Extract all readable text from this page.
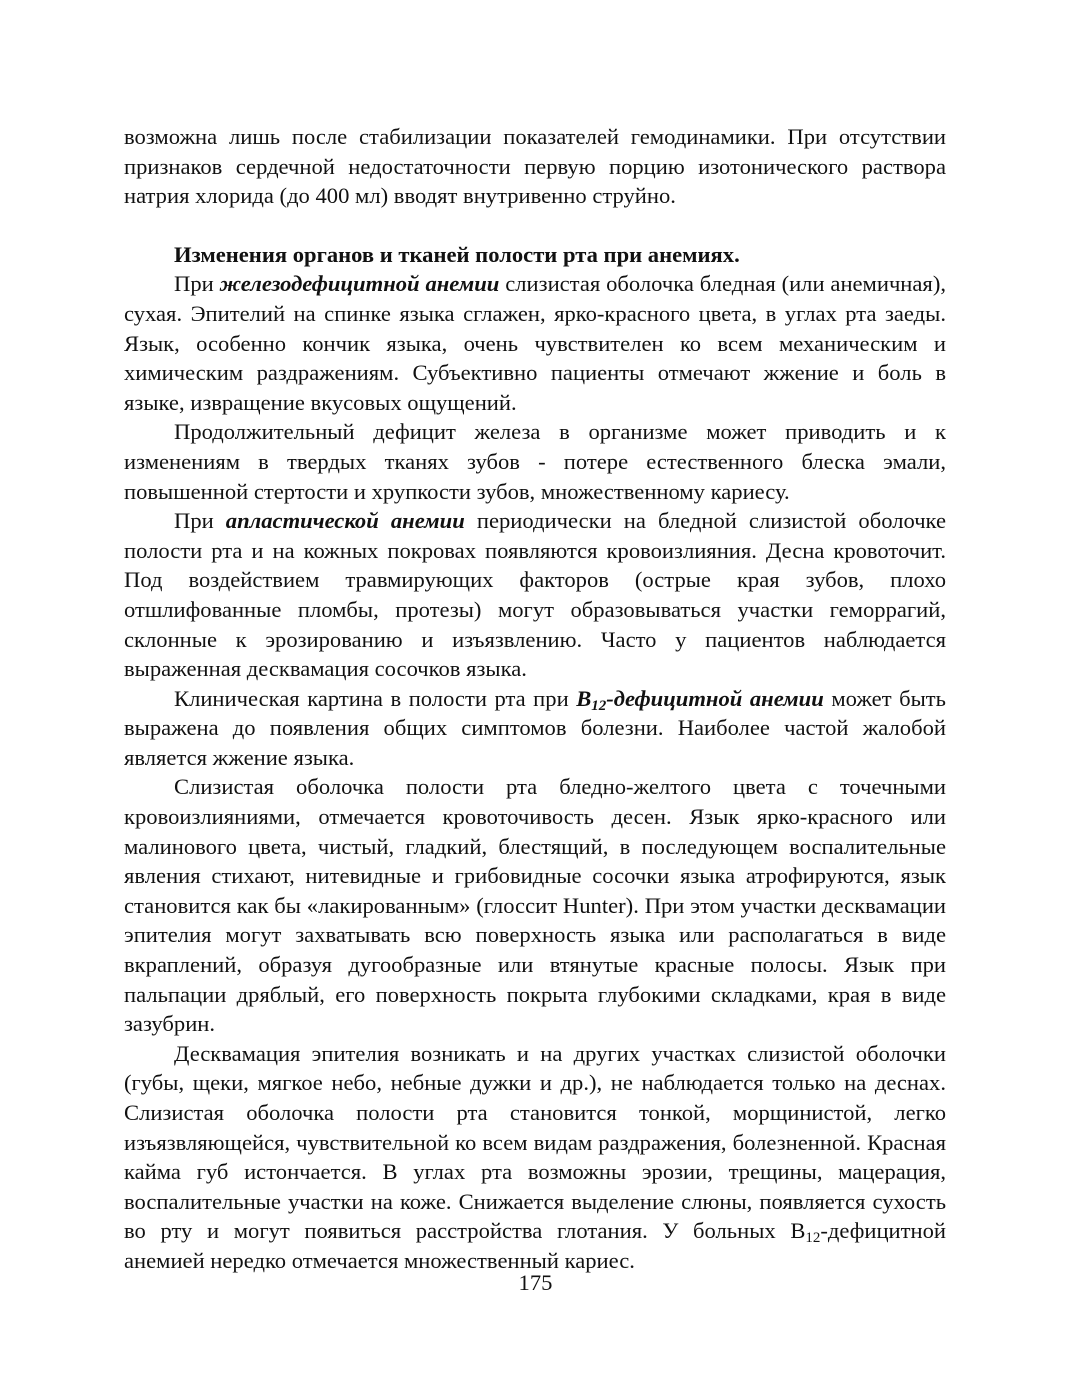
возможна лишь после стабилизации показателей гемодинамики. При отсутствии признаков сердечной недостаточности первую порцию изотонического раствора натрия хлорида (до 400 мл) вводят внутривенно струйно.

Изменения органов и тканей полости рта при анемиях.

При железодефицитной анемии слизистая оболочка бледная (или анемичная), сухая. Эпителий на спинке языка сглажен, ярко-красного цвета, в углах рта заеды. Язык, особенно кончик языка, очень чувствителен ко всем механическим и химическим раздражениям. Субъективно пациенты отмечают жжение и боль в языке, извращение вкусовых ощущений.

Продолжительный дефицит железа в организме может приводить и к изменениям в твердых тканях зубов - потере естественного блеска эмали, повышенной стертости и хрупкости зубов, множественному кариесу.

При апластической анемии периодически на бледной слизистой оболочке полости рта и на кожных покровах появляются кровоизлияния. Десна кровоточит. Под воздействием травмирующих факторов (острые края зубов, плохо отшлифованные пломбы, протезы) могут образовываться участки геморрагий, склонные к эрозированию и изъязвлению. Часто у пациентов наблюдается выраженная десквамация сосочков языка.

Клиническая картина в полости рта при $B_{12}$-дефицитной анемии может быть выражена до появления общих симптомов болезни. Наиболее частой жалобой является жжение языка.

Слизистая оболочка полости рта бледно-желтого цвета с точечными кровоизлияниями, отмечается кровоточивость десен. Язык ярко-красного или малинового цвета, чистый, гладкий, блестящий, в последующем воспалительные явления стихают, нитевидные и грибовидные сосочки языка атрофируются, язык становится как бы «лакированным» (глоссит Hunter). При этом участки десквамации эпителия могут захватывать всю поверхность языка или располагаться в виде вкраплений, образуя дугообразные или втянутые красные полосы. Язык при пальпации дряблый, его поверхность покрыта глубокими складками, края в виде зазубрин.

Десквамация эпителия возникать и на других участках слизистой оболочки (губы, щеки, мягкое небо, небные дужки и др.), не наблюдается только на деснах. Слизистая оболочка полости рта становится тонкой, морщинистой, легко изъязвляющейся, чувствительной ко всем видам раздражения, болезненной. Красная кайма губ истончается. В углах рта возможны эрозии, трещины, мацерация, воспалительные участки на коже. Снижается выделение слюны, появляется сухость во рту и могут появиться расстройства глотания. У больных $В_{12}$-дефицитной анемией нередко отмечается множественный кариес.

175
